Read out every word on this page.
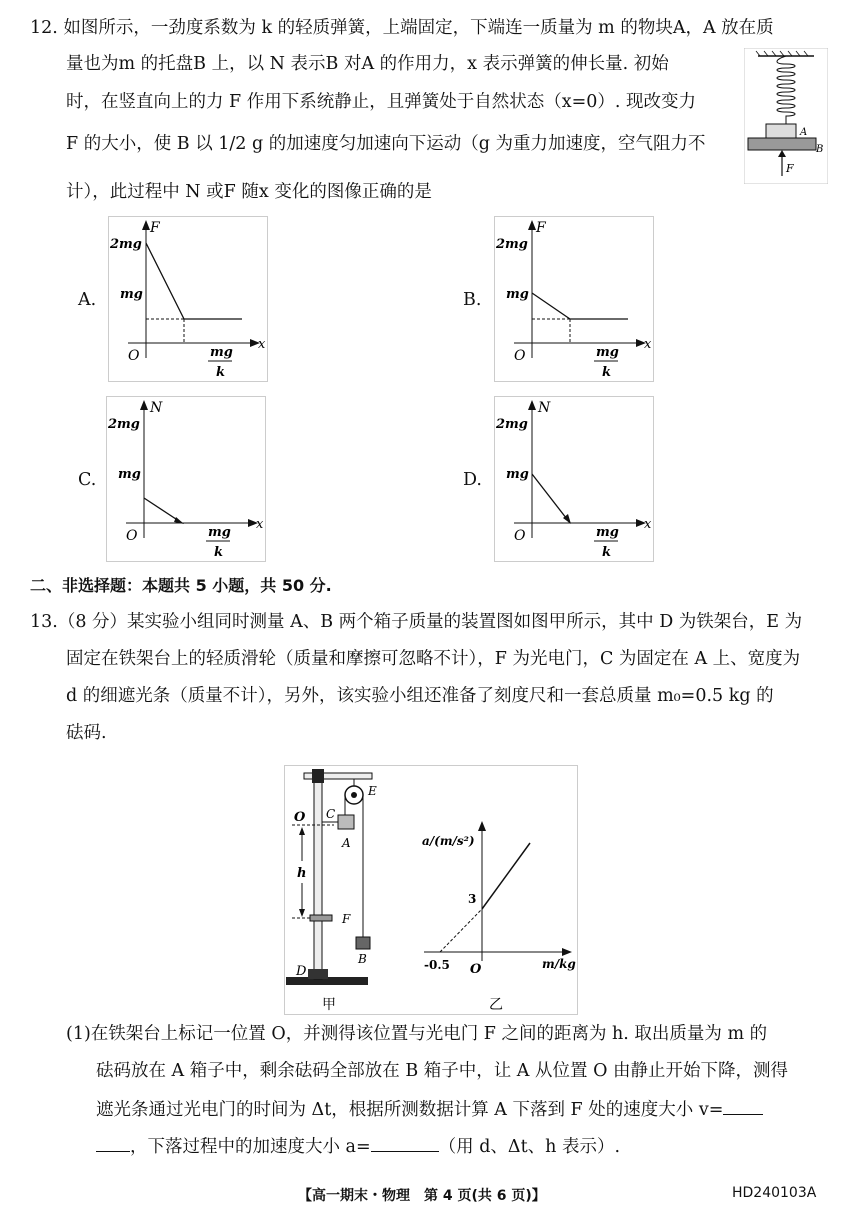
12. 如图所示，一劲度系数为 k 的轻质弹簧，上端固定，下端连一质量为 m 的物块A，A 放在质
量也为m 的托盘B 上，以 N 表示B 对A 的作用力，x 表示弹簧的伸长量. 初始
时，在竖直向上的力 F 作用下系统静止，且弹簧处于自然状态（x=0）. 现改变力
F 的大小，使 B 以 1/2 g 的加速度匀加速向下运动（g 为重力加速度，空气阻力不
计），此过程中 N 或F 随x 变化的图像正确的是
A
B
F
A.	B.
C.	D.
F
2mg
mg
O
x
mg
k
F
2mg
mg
O
x
mg
k
N
2mg
mg
O
x
mg
k
N
2mg
mg
O
x
mg
k
二、非选择题：本题共 5 小题，共 50 分.
13.（8 分）某实验小组同时测量 A、B 两个箱子质量的装置图如图甲所示，其中 D 为铁架台，E 为
固定在铁架台上的轻质滑轮（质量和摩擦可忽略不计），F 为光电门，C 为固定在 A 上、宽度为
d 的细遮光条（质量不计），另外，该实验小组还准备了刻度尺和一套总质量 m₀=0.5 kg 的
砝码.
E
C
A
B
F
O
h
D
甲
a/(m/s²)
m/kg
O
3
-0.5
乙
(1)在铁架台上标记一位置 O，并测得该位置与光电门 F 之间的距离为 h. 取出质量为 m 的
砝码放在 A 箱子中，剩余砝码全部放在 B 箱子中，让 A 从位置 O 由静止开始下降，测得
遮光条通过光电门的时间为 Δt，根据所测数据计算 A 下落到 F 处的速度大小 v=
，下落过程中的加速度大小 a=	（用 d、Δt、h 表示）.
【高一期末・物理　第 4 页(共 6 页)】	HD240103A
